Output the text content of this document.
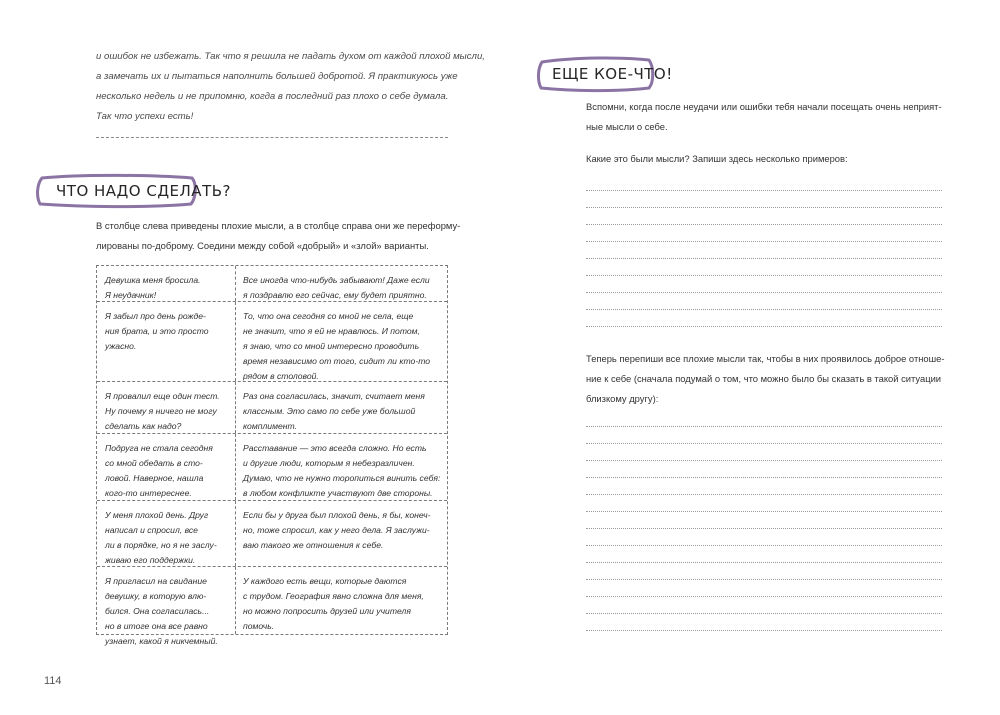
и ошибок не избежать. Так что я решила не падать духом от каждой плохой мысли,
а замечать их и пытаться наполнить большей добротой. Я практикуюсь уже
несколько недель и не припомню, когда в последний раз плохо о себе думала.
Так что успехи есть!
ЧТО НАДО СДЕЛАТЬ?
В столбце слева приведены плохие мысли, а в столбце справа они же переформу-
лированы по-доброму. Соедини между собой «добрый» и «злой» варианты.
Девушка меня бросила.
Я неудачник!
Все иногда что-нибудь забывают! Даже если
я поздравлю его сейчас, ему будет приятно.
Я забыл про день рожде-
ния брата, и это просто
ужасно.
То, что она сегодня со мной не села, еще
не значит, что я ей не нравлюсь. И потом,
я знаю, что со мной интересно проводить
время независимо от того, сидит ли кто-то
рядом в столовой.
Я провалил еще один тест.
Ну почему я ничего не могу
сделать как надо?
Раз она согласилась, значит, считает меня
классным. Это само по себе уже большой
комплимент.
Подруга не стала сегодня
со мной обедать в сто-
ловой. Наверное, нашла
кого-то интереснее.
Расставание — это всегда сложно. Но есть
и другие люди, которым я небезразличен.
Думаю, что не нужно торопиться винить себя:
в любом конфликте участвуют две стороны.
У меня плохой день. Друг
написал и спросил, все
ли в порядке, но я не заслу-
живаю его поддержки.
Если бы у друга был плохой день, я бы, конеч-
но, тоже спросил, как у него дела. Я заслужи-
ваю такого же отношения к себе.
Я пригласил на свидание
девушку, в которую влю-
бился. Она согласилась...
но в итоге она все равно
узнает, какой я никчемный.
У каждого есть вещи, которые даются
с трудом. География явно сложна для меня,
но можно попросить друзей или учителя
помочь.
114
ЕЩЕ КОЕ-ЧТО!
Вспомни, когда после неудачи или ошибки тебя начали посещать очень неприят-
ные мысли о себе.
Какие это были мысли? Запиши здесь несколько примеров:
Теперь перепиши все плохие мысли так, чтобы в них проявилось доброе отноше-
ние к себе (сначала подумай о том, что можно было бы сказать в такой ситуации
близкому другу):
